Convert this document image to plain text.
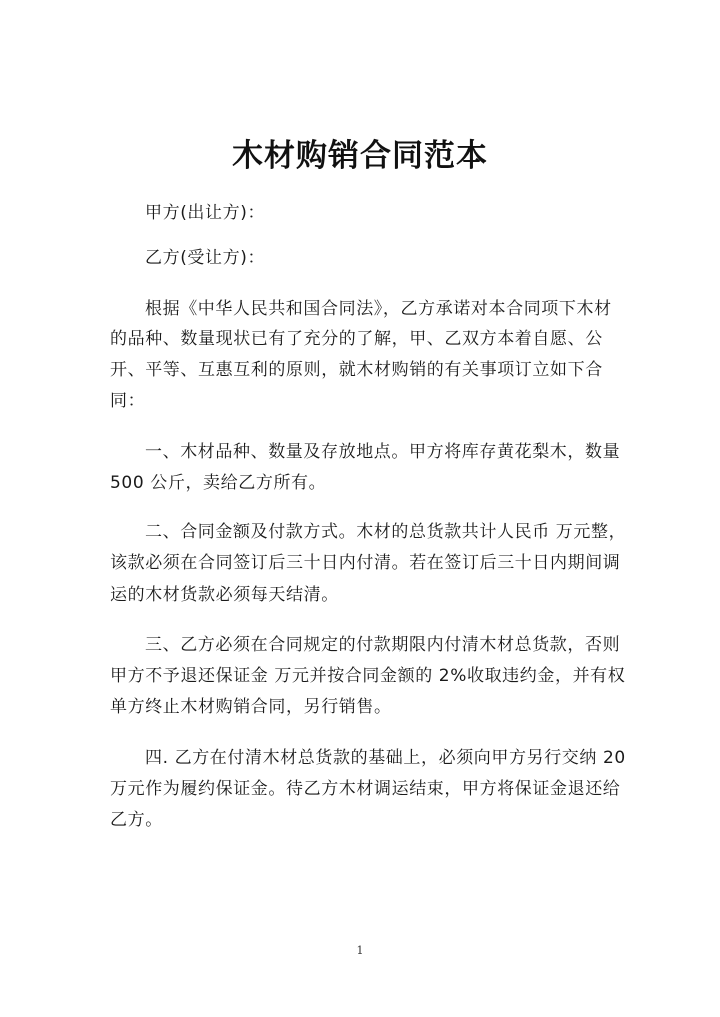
木材购销合同范本
甲方(出让方)：
乙方(受让方)：
根据《中华人民共和国合同法》，乙方承诺对本合同项下木材
的品种、数量现状已有了充分的了解，甲、乙双方本着自愿、公
开、平等、互惠互利的原则，就木材购销的有关事项订立如下合
同：
一、木材品种、数量及存放地点。甲方将库存黄花梨木，数量
500 公斤，卖给乙方所有。
二、合同金额及付款方式。木材的总货款共计人民币 万元整，
该款必须在合同签订后三十日内付清。若在签订后三十日内期间调
运的木材货款必须每天结清。
三、乙方必须在合同规定的付款期限内付清木材总货款，否则
甲方不予退还保证金 万元并按合同金额的 2%收取违约金，并有权
单方终止木材购销合同，另行销售。
四. 乙方在付清木材总货款的基础上，必须向甲方另行交纳 20
万元作为履约保证金。待乙方木材调运结束，甲方将保证金退还给
乙方。
1
